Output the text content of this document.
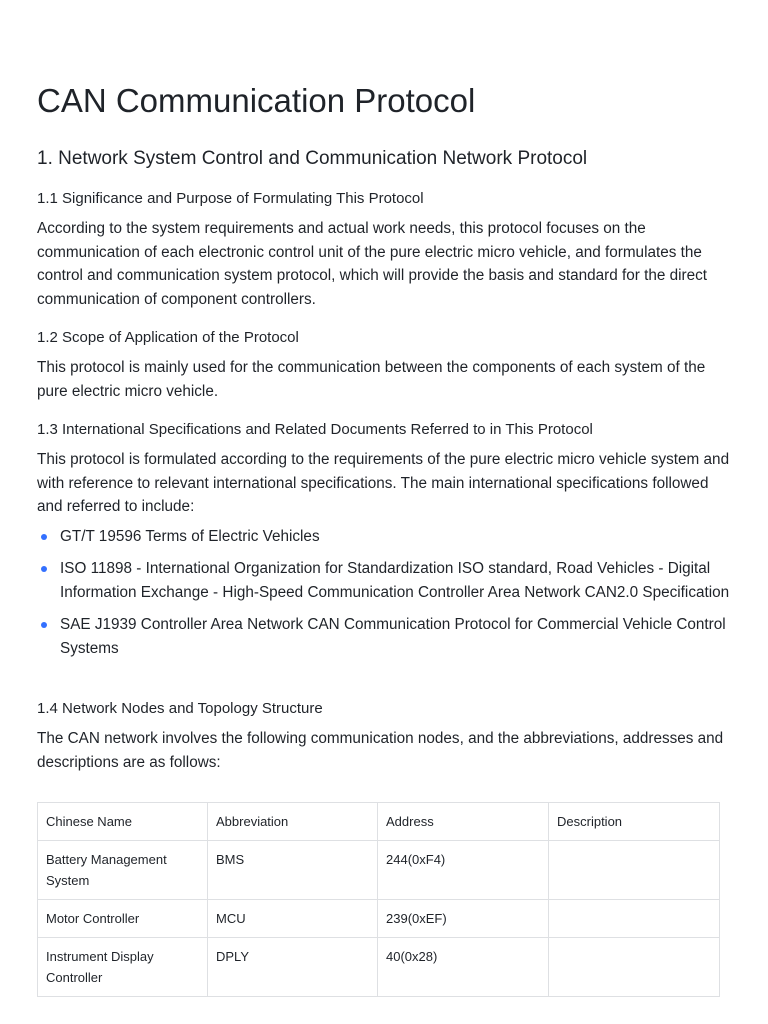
CAN Communication Protocol
1. Network System Control and Communication Network Protocol
1.1 Significance and Purpose of Formulating This Protocol

According to the system requirements and actual work needs, this protocol focuses on the communication of each electronic control unit of the pure electric micro vehicle, and formulates the control and communication system protocol, which will provide the basis and standard for the direct communication of component controllers.

1.2 Scope of Application of the Protocol

This protocol is mainly used for the communication between the components of each system of the pure electric micro vehicle.

1.3 International Specifications and Related Documents Referred to in This Protocol

This protocol is formulated according to the requirements of the pure electric micro vehicle system and with reference to relevant international specifications. The main international specifications followed and referred to include:

GT/T 19596 Terms of Electric Vehicles
ISO 11898 - International Organization for Standardization ISO standard, Road Vehicles - Digital Information Exchange - High-Speed Communication Controller Area Network CAN2.0 Specification
SAE J1939 Controller Area Network CAN Communication Protocol for Commercial Vehicle Control Systems
1.4 Network Nodes and Topology Structure

The CAN network involves the following communication nodes, and the abbreviations, addresses and descriptions are as follows:

Chinese Name	Abbreviation	Address	Description
Battery Management System	BMS	244(0xF4)	
Motor Controller	MCU	239(0xEF)	
Instrument Display Controller	DPLY	40(0x28)	
